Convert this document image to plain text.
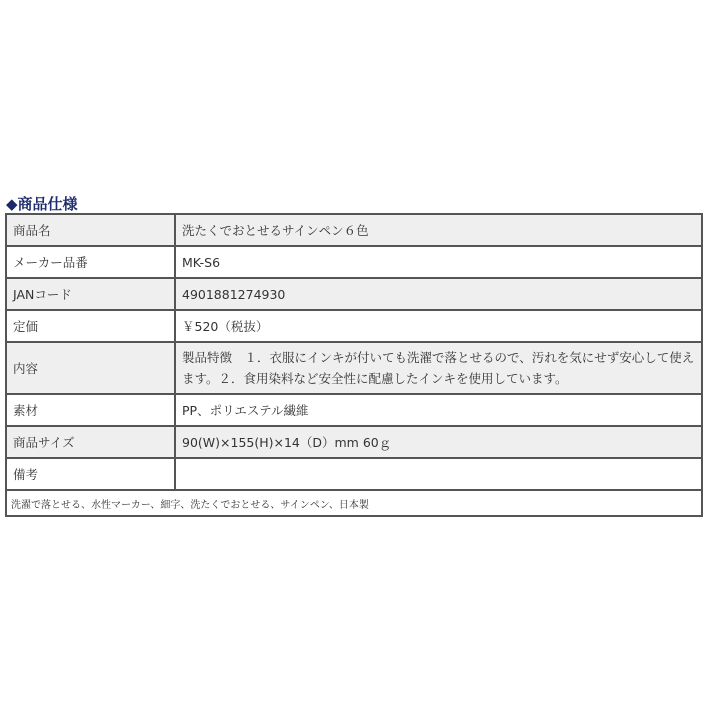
◆商品仕様
商品名	洗たくでおとせるサインペン６色
メーカー品番	MK-S6
JANコード	4901881274930
定価	￥520（税抜）
内容	製品特徴　１．衣服にインキが付いても洗濯で落とせるので、汚れを気にせず安心して使えます。２．食用染料など安全性に配慮したインキを使用しています。
素材	PP、ポリエステル繊維
商品サイズ	90(W)×155(H)×14（D）mm 60ｇ
備考	
洗濯で落とせる、水性マーカー、細字、洗たくでおとせる、サインペン、日本製	
